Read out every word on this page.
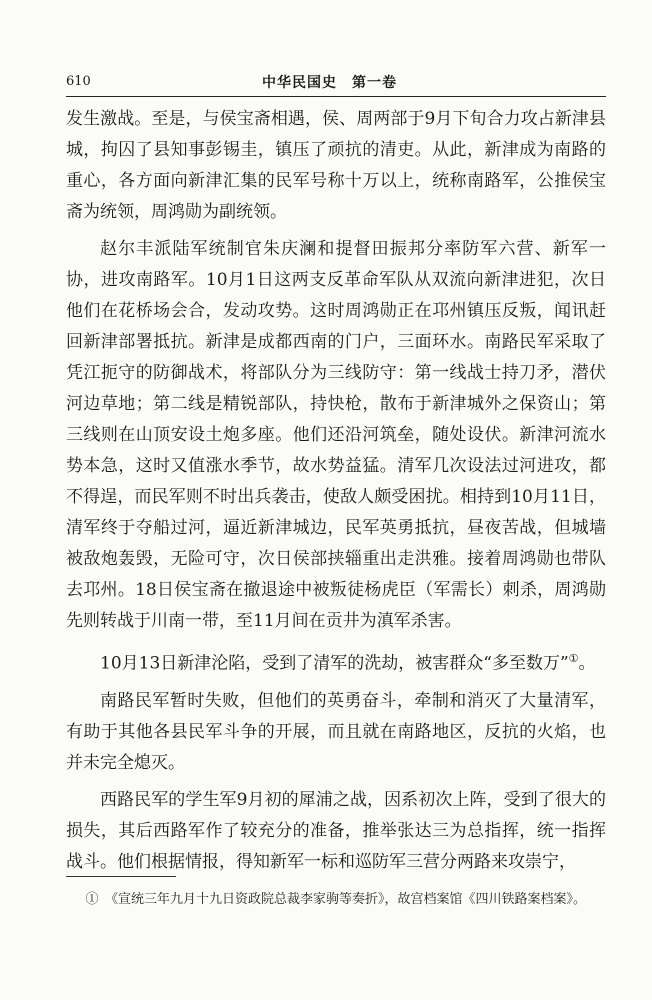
610	中华民国史　第一卷

发生激战。至是，与侯宝斋相遇，侯、周两部于9月下旬合力攻占新津县城，拘囚了县知事彭锡圭，镇压了顽抗的清吏。从此，新津成为南路的重心，各方面向新津汇集的民军号称十万以上，统称南路军，公推侯宝斋为统领，周鸿勋为副统领。

赵尔丰派陆军统制官朱庆澜和提督田振邦分率防军六营、新军一协，进攻南路军。10月1日这两支反革命军队从双流向新津进犯，次日他们在花桥场会合，发动攻势。这时周鸿勋正在邛州镇压反叛，闻讯赶回新津部署抵抗。新津是成都西南的门户，三面环水。南路民军采取了凭江扼守的防御战术，将部队分为三线防守：第一线战士持刀矛，潜伏河边草地；第二线是精锐部队，持快枪，散布于新津城外之保资山；第三线则在山顶安设土炮多座。他们还沿河筑垒，随处设伏。新津河流水势本急，这时又值涨水季节，故水势益猛。清军几次设法过河进攻，都不得逞，而民军则不时出兵袭击，使敌人颇受困扰。相持到10月11日，清军终于夺船过河，逼近新津城边，民军英勇抵抗，昼夜苦战，但城墙被敌炮轰毁，无险可守，次日侯部挟辎重出走洪雅。接着周鸿勋也带队去邛州。18日侯宝斋在撤退途中被叛徒杨虎臣（军需长）刺杀，周鸿勋先则转战于川南一带，至11月间在贡井为滇军杀害。

10月13日新津沦陷，受到了清军的洗劫，被害群众“多至数万”①。

南路民军暂时失败，但他们的英勇奋斗，牵制和消灭了大量清军，有助于其他各县民军斗争的开展，而且就在南路地区，反抗的火焰，也并未完全熄灭。

西路民军的学生军9月初的犀浦之战，因系初次上阵，受到了很大的损失，其后西路军作了较充分的准备，推举张达三为总指挥，统一指挥战斗。他们根据情报，得知新军一标和巡防军三营分两路来攻崇宁，

①　《宣统三年九月十九日资政院总裁李家驹等奏折》，故宫档案馆《四川铁路案档案》。
